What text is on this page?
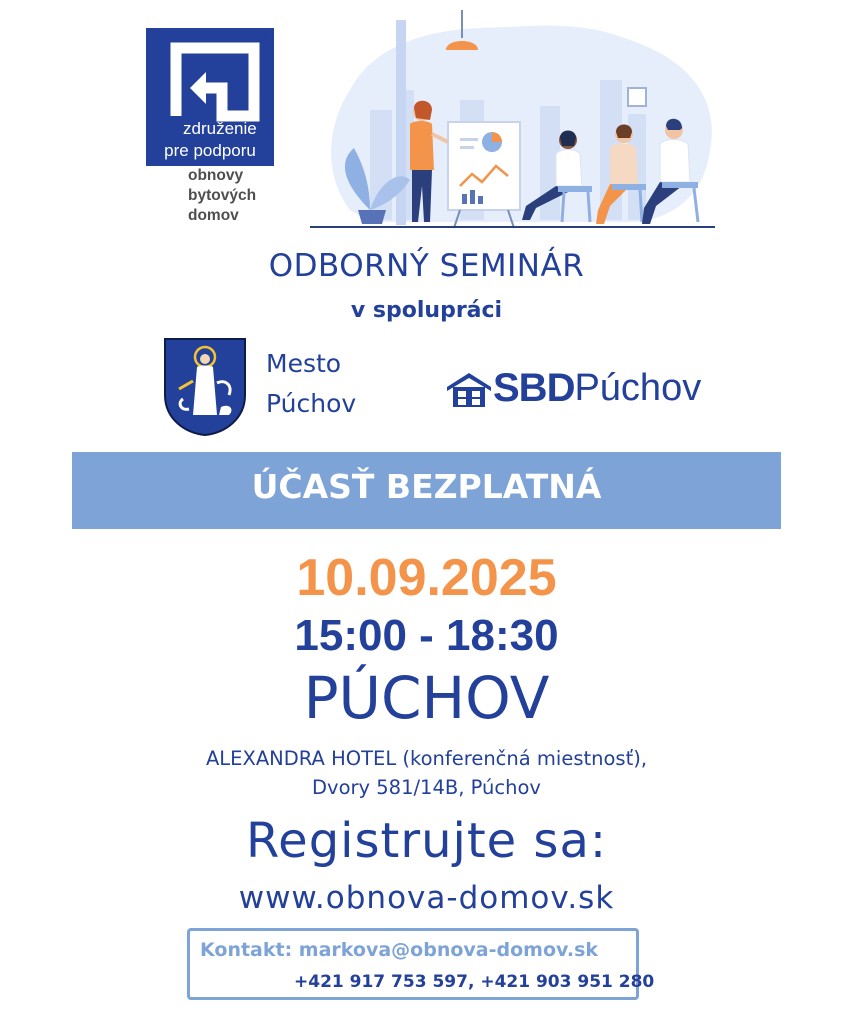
®
združenie
pre podporu
obnovy
bytových
domov
ODBORNÝ SEMINÁR
v spolupráci
Mesto
Púchov	SBD Púchov
ÚČASŤ BEZPLATNÁ
10.09.2025
15:00 - 18:30
PÚCHOV
ALEXANDRA HOTEL (konferenčná miestnosť),
Dvory 581/14B, Púchov
Registrujte sa:
www.obnova-domov.sk
Kontakt: markova@obnova-domov.sk
+421 917 753 597, +421 903 951 280
